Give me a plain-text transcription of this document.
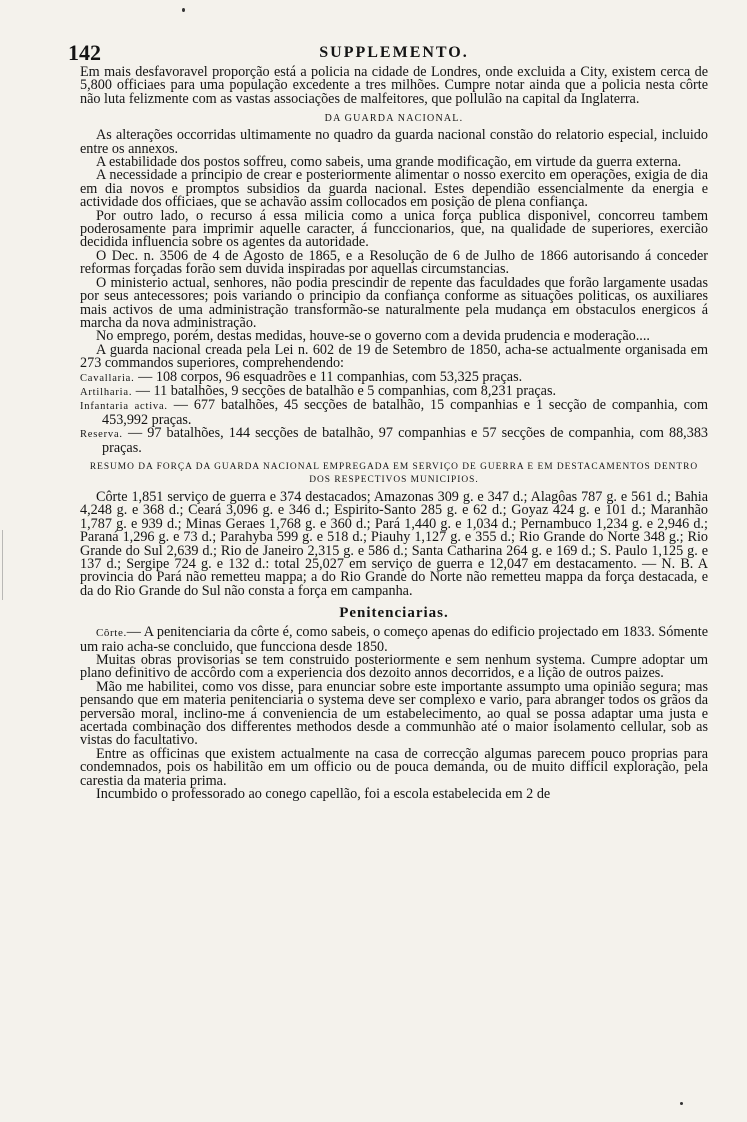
142	SUPPLEMENTO.

Em mais desfavoravel proporção está a policia na cidade de Londres, onde excluida a City, existem cerca de 5,800 officiaes para uma população excedente a tres milhões. Cumpre notar ainda que a policia nesta côrte não luta felizmente com as vastas associações de malfeitores, que pollulão na capital da Inglaterra.

DA GUARDA NACIONAL.

As alterações occorridas ultimamente no quadro da guarda nacional constão do relatorio especial, incluido entre os annexos.

A estabilidade dos postos soffreu, como sabeis, uma grande modificação, em virtude da guerra externa.

A necessidade a principio de crear e posteriormente alimentar o nosso exercito em operações, exigia de dia em dia novos e promptos subsidios da guarda nacional. Estes dependião essencialmente da energia e actividade dos officiaes, que se achavão assim collocados em posição de plena confiança.

Por outro lado, o recurso á essa milicia como a unica força publica disponivel, concorreu tambem poderosamente para imprimir aquelle caracter, á funccionarios, que, na qualidade de superiores, exercião decidida influencia sobre os agentes da autoridade.

O Dec. n. 3506 de 4 de Agosto de 1865, e a Resolução de 6 de Julho de 1866 autorisando á conceder reformas forçadas forão sem duvida inspiradas por aquellas circumstancias.

O ministerio actual, senhores, não podia prescindir de repente das faculdades que forão largamente usadas por seus antecessores; pois variando o principio da confiança conforme as situações politicas, os auxiliares mais activos de uma administração transformão-se naturalmente pela mudança em obstaculos energicos á marcha da nova administração.

No emprego, porém, destas medidas, houve-se o governo com a devida prudencia e moderação....

A guarda nacional creada pela Lei n. 602 de 19 de Setembro de 1850, acha-se actualmente organisada em 273 commandos superiores, comprehendendo:

Cavallaria. — 108 corpos, 96 esquadrões e 11 companhias, com 53,325 praças.

Artilharia. — 11 batalhões, 9 secções de batalhão e 5 companhias, com 8,231 praças.

Infantaria activa. — 677 batalhões, 45 secções de batalhão, 15 companhias e 1 secção de companhia, com 453,992 praças.

Reserva. — 97 batalhões, 144 secções de batalhão, 97 companhias e 57 secções de companhia, com 88,383 praças.

RESUMO DA FORÇA DA GUARDA NACIONAL EMPREGADA EM SERVIÇO DE GUERRA E EM DESTACAMENTOS DENTRO DOS RESPECTIVOS MUNICIPIOS.

Côrte 1,851 serviço de guerra e 374 destacados; Amazonas 309 g. e 347 d.; Alagôas 787 g. e 561 d.; Bahia 4,248 g. e 368 d.; Ceará 3,096 g. e 346 d.; Espirito-Santo 285 g. e 62 d.; Goyaz 424 g. e 101 d.; Maranhão 1,787 g. e 939 d.; Minas Geraes 1,768 g. e 360 d.; Pará 1,440 g. e 1,034 d.; Pernambuco 1,234 g. e 2,946 d.; Paraná 1,296 g. e 73 d.; Parahyba 599 g. e 518 d.; Piauhy 1,127 g. e 355 d.; Rio Grande do Norte 348 g.; Rio Grande do Sul 2,639 d.; Rio de Janeiro 2,315 g. e 586 d.; Santa Catharina 264 g. e 169 d.; S. Paulo 1,125 g. e 137 d.; Sergipe 724 g. e 132 d.: total 25,027 em serviço de guerra e 12,047 em destacamento. — N. B. A provincia do Pará não remetteu mappa; a do Rio Grande do Norte não remetteu mappa da força destacada, e da do Rio Grande do Sul não consta a força em campanha.

Penitenciarias.

Côrte.— A penitenciaria da côrte é, como sabeis, o começo apenas do edificio projectado em 1833. Sómente um raio acha-se concluido, que funcciona desde 1850.

Muitas obras provisorias se tem construido posteriormente e sem nenhum systema. Cumpre adoptar um plano definitivo de accôrdo com a experiencia dos dezoito annos decorridos, e a lição de outros paizes.

Mão me habilitei, como vos disse, para enunciar sobre este importante assumpto uma opinião segura; mas pensando que em materia penitenciaria o systema deve ser complexo e vario, para abranger todos os grãos da perversão moral, inclino-me á conveniencia de um estabelecimento, ao qual se possa adaptar uma justa e acertada combinação dos differentes methodos desde a communhão até o maior isolamento cellular, sob as vistas do facultativo.

Entre as officinas que existem actualmente na casa de correcção algumas parecem pouco proprias para condemnados, pois os habilitão em um officio ou de pouca demanda, ou de muito difficil exploração, pela carestia da materia prima.

Incumbido o professorado ao conego capellão, foi a escola estabelecida em 2 de
